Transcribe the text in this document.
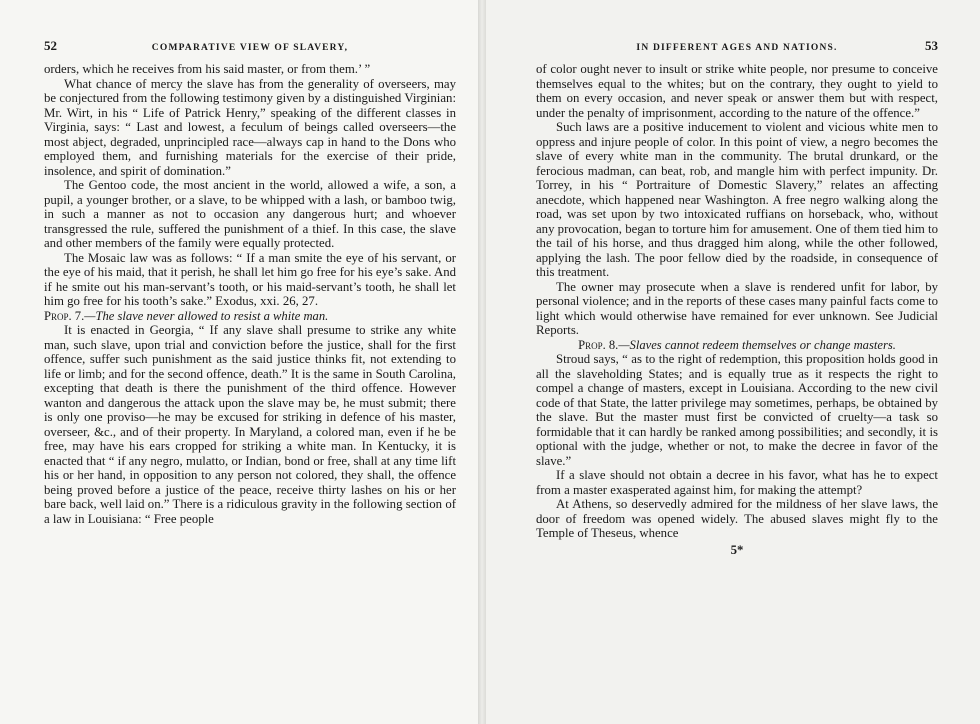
52	COMPARATIVE VIEW OF SLAVERY,

orders, which he receives from his said master, or from them.’ ”

What chance of mercy the slave has from the generality of overseers, may be conjectured from the following testimony given by a distinguished Virginian: Mr. Wirt, in his “ Life of Patrick Henry,” speaking of the different classes in Virginia, says: “ Last and lowest, a feculum of beings called overseers—the most abject, degraded, unprincipled race—always cap in hand to the Dons who employed them, and furnishing materials for the exercise of their pride, insolence, and spirit of domination.”

The Gentoo code, the most ancient in the world, allowed a wife, a son, a pupil, a younger brother, or a slave, to be whipped with a lash, or bamboo twig, in such a manner as not to occasion any dangerous hurt; and whoever transgressed the rule, suffered the punishment of a thief. In this case, the slave and other members of the family were equally protected.

The Mosaic law was as follows: “ If a man smite the eye of his servant, or the eye of his maid, that it perish, he shall let him go free for his eye’s sake. And if he smite out his man-servant’s tooth, or his maid-servant’s tooth, he shall let him go free for his tooth’s sake.” Exodus, xxi. 26, 27.

Prop. 7.—The slave never allowed to resist a white man.

It is enacted in Georgia, “ If any slave shall presume to strike any white man, such slave, upon trial and conviction before the justice, shall for the first offence, suffer such punishment as the said justice thinks fit, not extending to life or limb; and for the second offence, death.” It is the same in South Carolina, excepting that death is there the punishment of the third offence. However wanton and dangerous the attack upon the slave may be, he must submit; there is only one proviso—he may be excused for striking in defence of his master, overseer, &c., and of their property. In Maryland, a colored man, even if he be free, may have his ears cropped for striking a white man. In Kentucky, it is enacted that “ if any negro, mulatto, or Indian, bond or free, shall at any time lift his or her hand, in opposition to any person not colored, they shall, the offence being proved before a justice of the peace, receive thirty lashes on his or her bare back, well laid on.” There is a ridiculous gravity in the following section of a law in Louisiana: “ Free people

IN DIFFERENT AGES AND NATIONS.	53

of color ought never to insult or strike white people, nor presume to conceive themselves equal to the whites; but on the contrary, they ought to yield to them on every occasion, and never speak or answer them but with respect, under the penalty of imprisonment, according to the nature of the offence.”

Such laws are a positive inducement to violent and vicious white men to oppress and injure people of color. In this point of view, a negro becomes the slave of every white man in the community. The brutal drunkard, or the ferocious madman, can beat, rob, and mangle him with perfect impunity. Dr. Torrey, in his “ Portraiture of Domestic Slavery,” relates an affecting anecdote, which happened near Washington. A free negro walking along the road, was set upon by two intoxicated ruffians on horseback, who, without any provocation, began to torture him for amusement. One of them tied him to the tail of his horse, and thus dragged him along, while the other followed, applying the lash. The poor fellow died by the roadside, in consequence of this treatment.

The owner may prosecute when a slave is rendered unfit for labor, by personal violence; and in the reports of these cases many painful facts come to light which would otherwise have remained for ever unknown. See Judicial Reports.

Prop. 8.—Slaves cannot redeem themselves or change masters.

Stroud says, “ as to the right of redemption, this proposition holds good in all the slaveholding States; and is equally true as it respects the right to compel a change of masters, except in Louisiana. According to the new civil code of that State, the latter privilege may sometimes, perhaps, be obtained by the slave. But the master must first be convicted of cruelty—a task so formidable that it can hardly be ranked among possibilities; and secondly, it is optional with the judge, whether or not, to make the decree in favor of the slave.”

If a slave should not obtain a decree in his favor, what has he to expect from a master exasperated against him, for making the attempt?

At Athens, so deservedly admired for the mildness of her slave laws, the door of freedom was opened widely. The abused slaves might fly to the Temple of Theseus, whence

5*
